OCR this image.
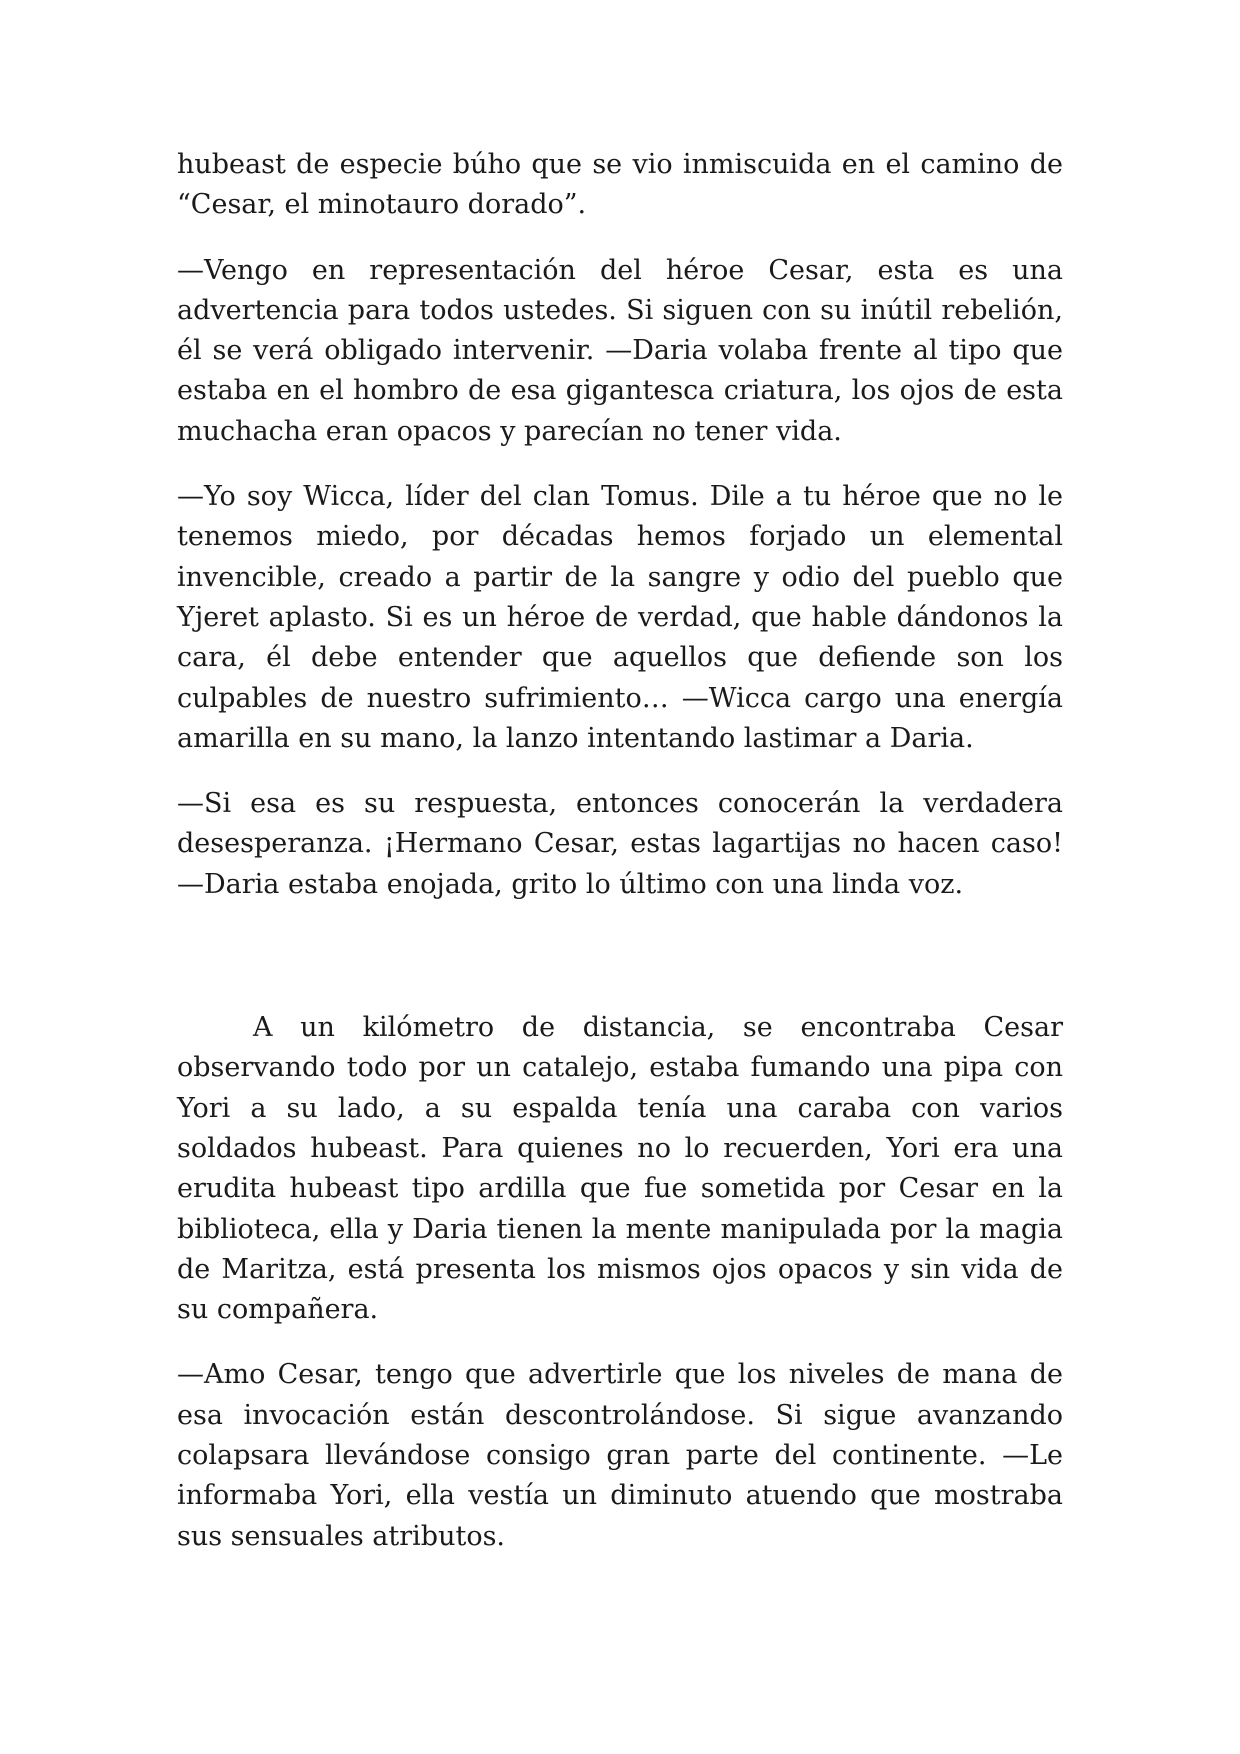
hubeast de especie búho que se vio inmiscuida en el camino de “Cesar, el minotauro dorado”.

—Vengo en representación del héroe Cesar, esta es una advertencia para todos ustedes. Si siguen con su inútil rebelión, él se verá obligado intervenir. —Daria volaba frente al tipo que estaba en el hombro de esa gigantesca criatura, los ojos de esta muchacha eran opacos y parecían no tener vida.

—Yo soy Wicca, líder del clan Tomus. Dile a tu héroe que no le tenemos miedo, por décadas hemos forjado un elemental invencible, creado a partir de la sangre y odio del pueblo que Yjeret aplasto. Si es un héroe de verdad, que hable dándonos la cara, él debe entender que aquellos que defiende son los culpables de nuestro sufrimiento… —Wicca cargo una energía amarilla en su mano, la lanzo intentando lastimar a Daria.

—Si esa es su respuesta, entonces conocerán la verdadera desesperanza. ¡Hermano Cesar, estas lagartijas no hacen caso! —Daria estaba enojada, grito lo último con una linda voz.

A un kilómetro de distancia, se encontraba Cesar observando todo por un catalejo, estaba fumando una pipa con Yori a su lado, a su espalda tenía una caraba con varios soldados hubeast. Para quienes no lo recuerden, Yori era una erudita hubeast tipo ardilla que fue sometida por Cesar en la biblioteca, ella y Daria tienen la mente manipulada por la magia de Maritza, está presenta los mismos ojos opacos y sin vida de su compañera.

—Amo Cesar, tengo que advertirle que los niveles de mana de esa invocación están descontrolándose. Si sigue avanzando colapsara llevándose consigo gran parte del continente. —Le informaba Yori, ella vestía un diminuto atuendo que mostraba sus sensuales atributos.
